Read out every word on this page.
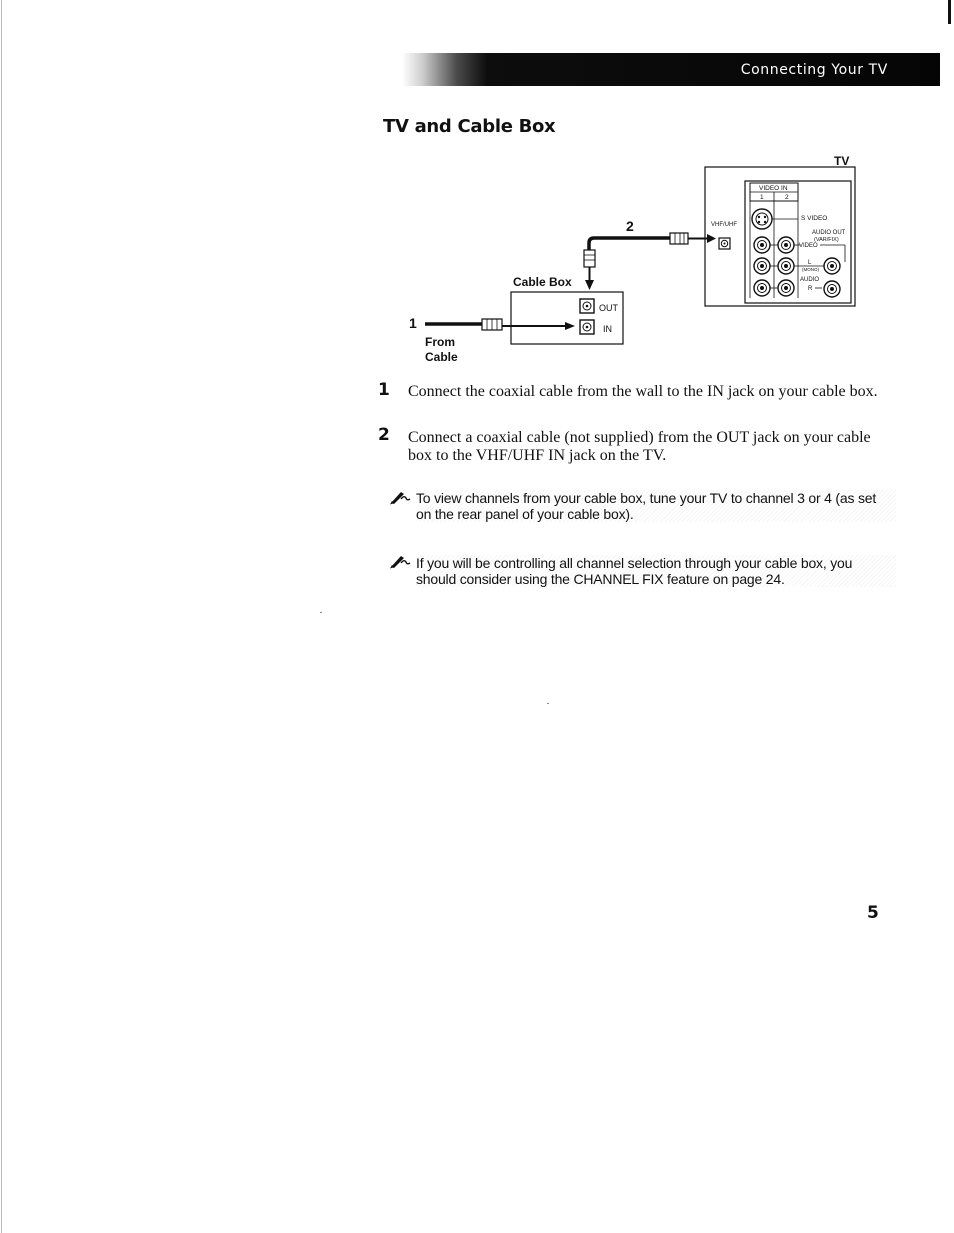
Connecting Your TV
TV and Cable Box
TV
VIDEO IN
1	2
S VIDEO
AUDIO OUT
(VAR/FIX)
VIDEO
L
(MONO)
AUDIO
R
VHF/UHF
2
Cable Box
OUT
IN
1
From
Cable
1 Connect the coaxial cable from the wall to the IN jack on your cable box.
2 Connect a coaxial cable (not supplied) from the OUT jack on your cable box to the VHF/UHF IN jack on the TV.
To view channels from your cable box, tune your TV to channel 3 or 4 (as set on the rear panel of your cable box).
If you will be controlling all channel selection through your cable box, you should consider using the CHANNEL FIX feature on page 24.
5
